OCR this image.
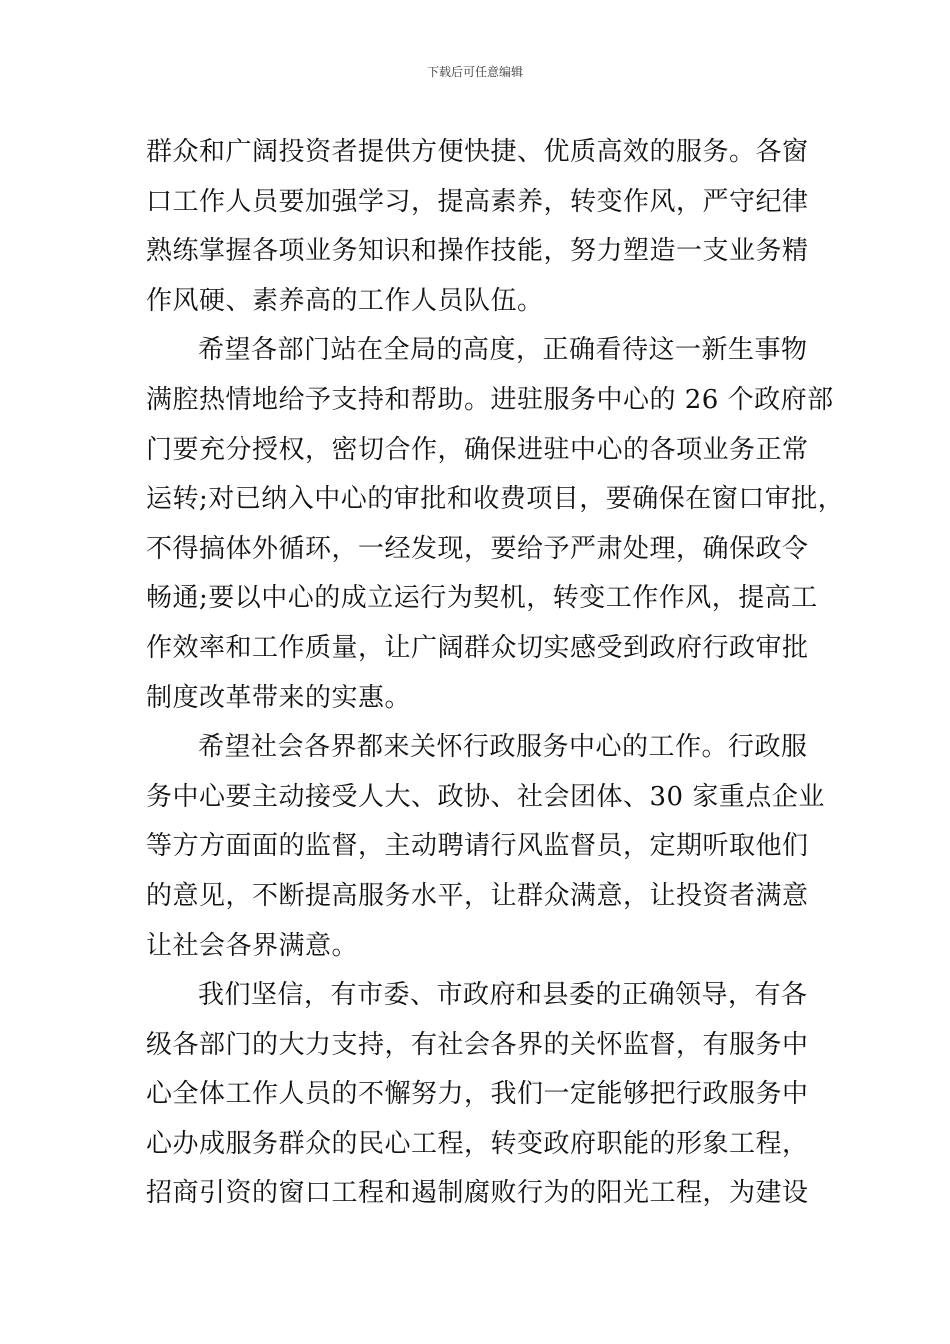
下载后可任意编辑
群众和广阔投资者提供方便快捷、优质高效的服务。各窗
口工作人员要加强学习，提高素养，转变作风，严守纪律
熟练掌握各项业务知识和操作技能，努力塑造一支业务精
作风硬、素养高的工作人员队伍。
希望各部门站在全局的高度，正确看待这一新生事物
满腔热情地给予支持和帮助。进驻服务中心的 26 个政府部
门要充分授权，密切合作，确保进驻中心的各项业务正常
运转;对已纳入中心的审批和收费项目，要确保在窗口审批，
不得搞体外循环，一经发现，要给予严肃处理，确保政令
畅通;要以中心的成立运行为契机，转变工作作风，提高工
作效率和工作质量，让广阔群众切实感受到政府行政审批
制度改革带来的实惠。
希望社会各界都来关怀行政服务中心的工作。行政服
务中心要主动接受人大、政协、社会团体、30 家重点企业
等方方面面的监督，主动聘请行风监督员，定期听取他们
的意见，不断提高服务水平，让群众满意，让投资者满意
让社会各界满意。
我们坚信，有市委、市政府和县委的正确领导，有各
级各部门的大力支持，有社会各界的关怀监督，有服务中
心全体工作人员的不懈努力，我们一定能够把行政服务中
心办成服务群众的民心工程，转变政府职能的形象工程，
招商引资的窗口工程和遏制腐败行为的阳光工程，为建设
